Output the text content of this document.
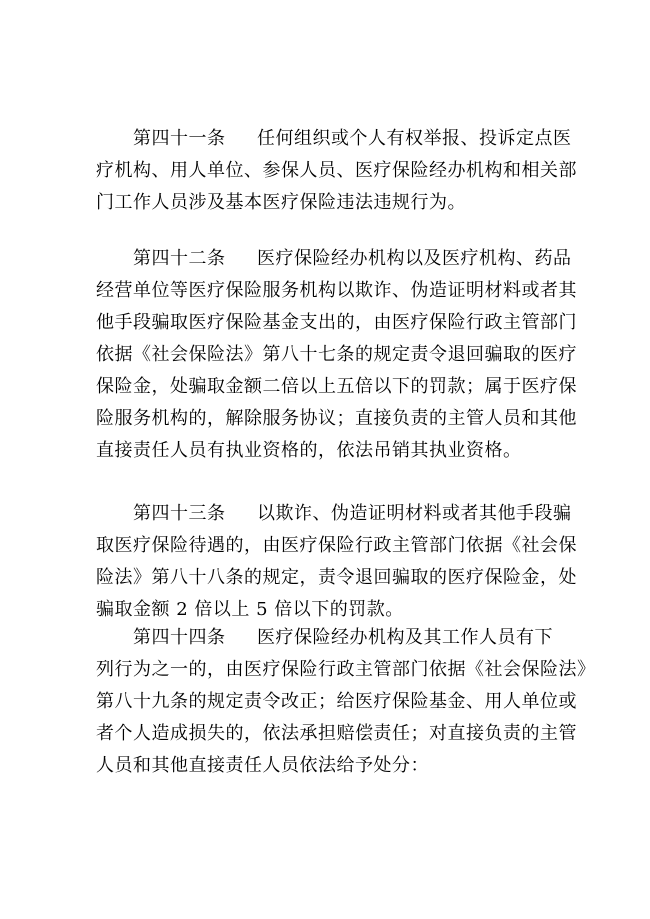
第四十一条 任何组织或个人有权举报、投诉定点医
疗机构、用人单位、参保人员、医疗保险经办机构和相关部
门工作人员涉及基本医疗保险违法违规行为。
第四十二条 医疗保险经办机构以及医疗机构、药品
经营单位等医疗保险服务机构以欺诈、伪造证明材料或者其
他手段骗取医疗保险基金支出的，由医疗保险行政主管部门
依据《社会保险法》第八十七条的规定责令退回骗取的医疗
保险金，处骗取金额二倍以上五倍以下的罚款；属于医疗保
险服务机构的，解除服务协议；直接负责的主管人员和其他
直接责任人员有执业资格的，依法吊销其执业资格。
第四十三条 以欺诈、伪造证明材料或者其他手段骗
取医疗保险待遇的，由医疗保险行政主管部门依据《社会保
险法》第八十八条的规定，责令退回骗取的医疗保险金，处
骗取金额 2 倍以上 5 倍以下的罚款。
第四十四条 医疗保险经办机构及其工作人员有下
列行为之一的，由医疗保险行政主管部门依据《社会保险法》
第八十九条的规定责令改正；给医疗保险基金、用人单位或
者个人造成损失的，依法承担赔偿责任；对直接负责的主管
人员和其他直接责任人员依法给予处分：
